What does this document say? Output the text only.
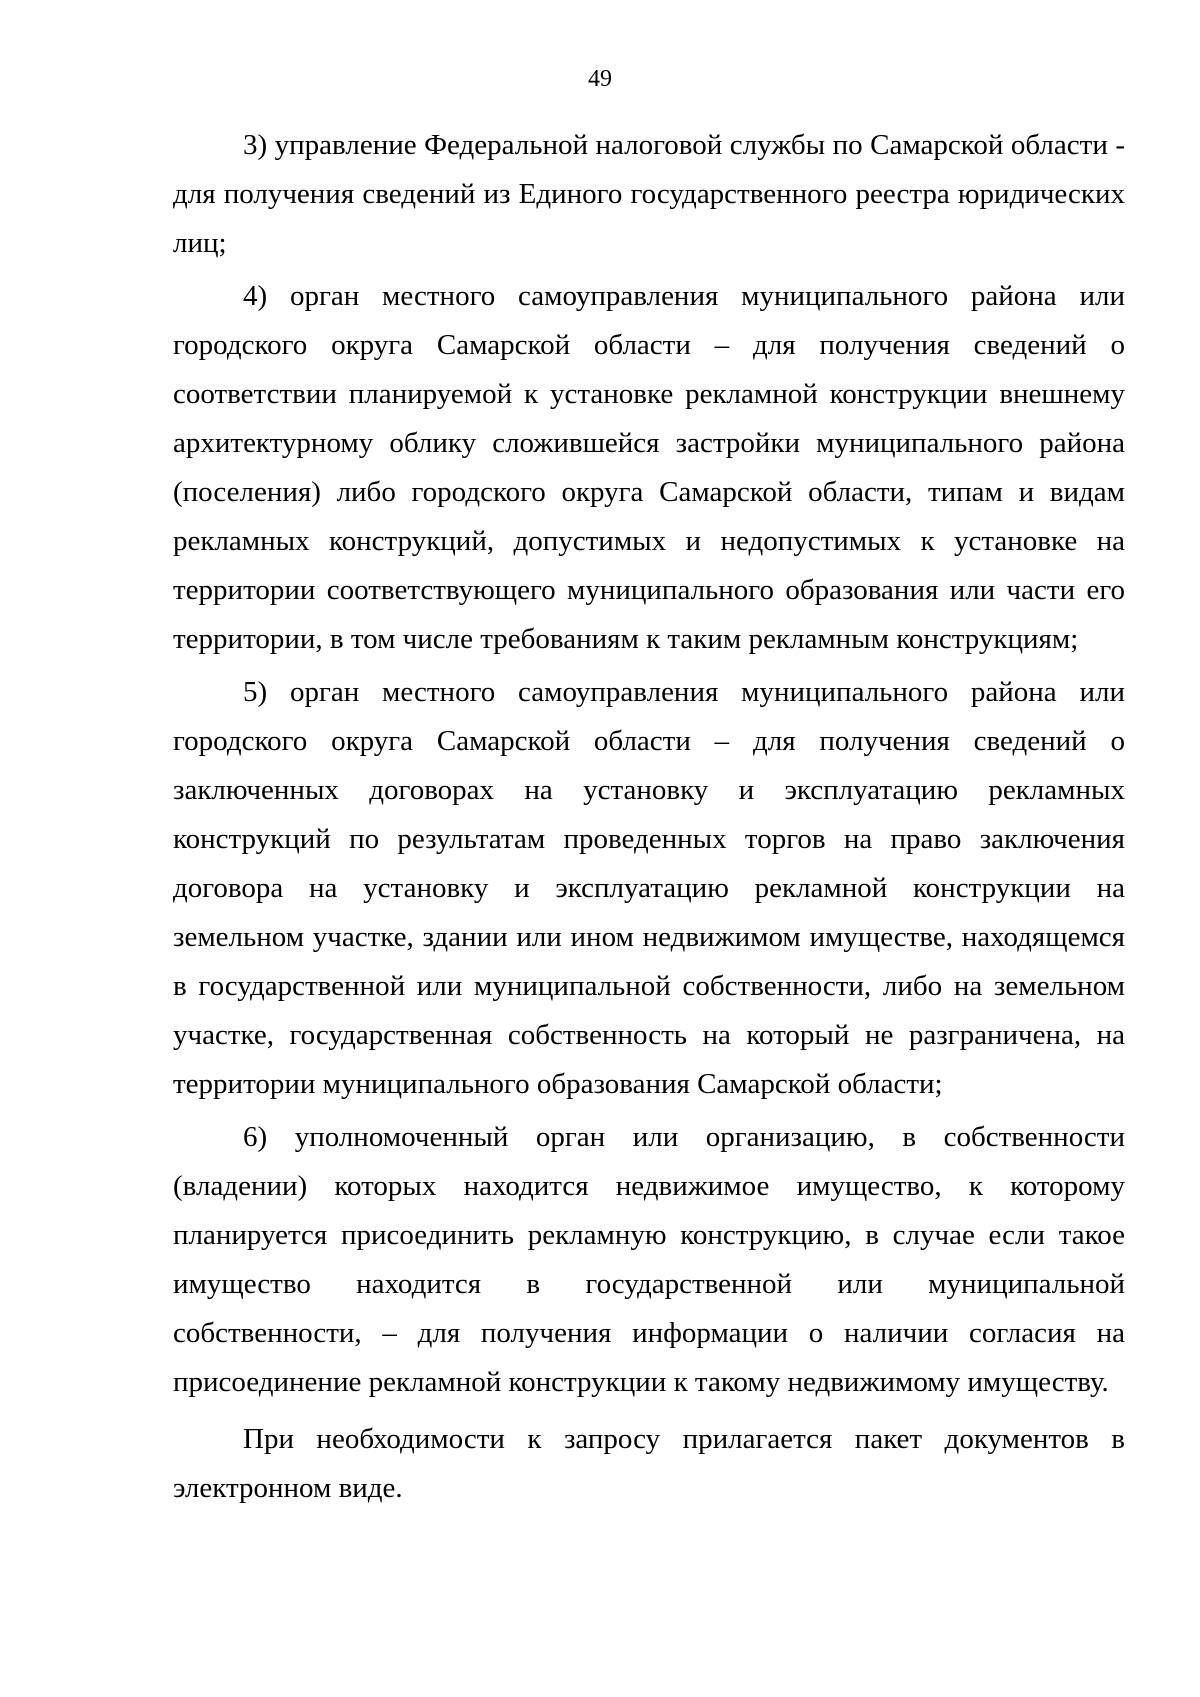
49

3) управление Федеральной налоговой службы по Самарской области - для получения сведений из Единого государственного реестра юридических лиц;

4) орган местного самоуправления муниципального района или городского округа Самарской области – для получения сведений о соответствии планируемой к установке рекламной конструкции внешнему архитектурному облику сложившейся застройки муниципального района (поселения) либо городского округа Самарской области, типам и видам рекламных конструкций, допустимых и недопустимых к установке на территории соответствующего муниципального образования или части его территории, в том числе требованиям к таким рекламным конструкциям;

5) орган местного самоуправления муниципального района или городского округа Самарской области – для получения сведений о заключенных договорах на установку и эксплуатацию рекламных конструкций по результатам проведенных торгов на право заключения договора на установку и эксплуатацию рекламной конструкции на земельном участке, здании или ином недвижимом имуществе, находящемся в государственной или муниципальной собственности, либо на земельном участке, государственная собственность на который не разграничена, на территории муниципального образования Самарской области;

6) уполномоченный орган или организацию, в собственности (владении) которых находится недвижимое имущество, к которому планируется присоединить рекламную конструкцию, в случае если такое имущество находится в государственной или муниципальной собственности, – для получения информации о наличии согласия на присоединение рекламной конструкции к такому недвижимому имуществу.

При необходимости к запросу прилагается пакет документов в электронном виде.
